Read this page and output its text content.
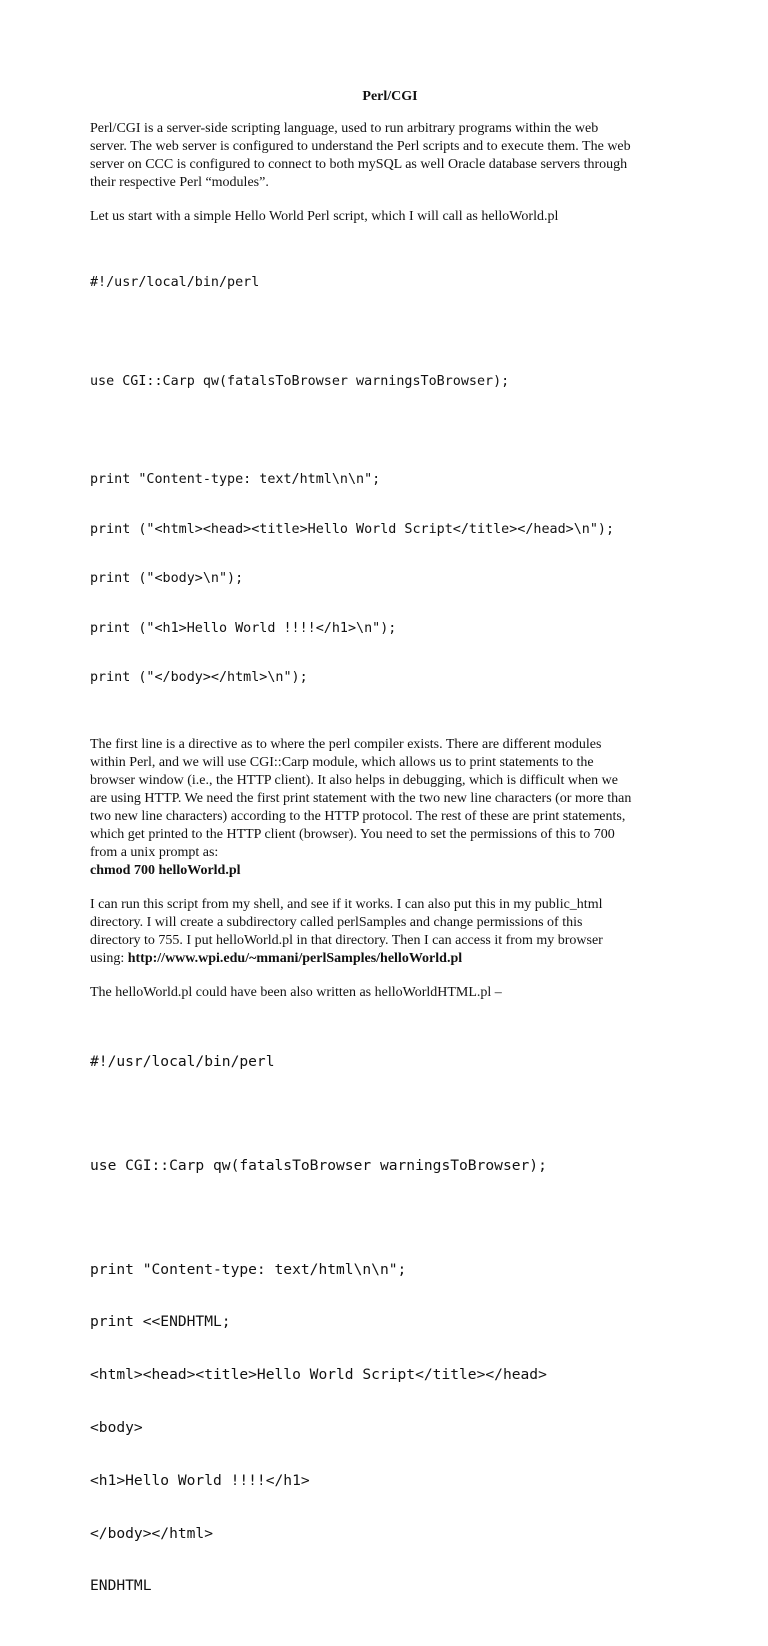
Perl/CGI
Perl/CGI is a server-side scripting language, used to run arbitrary programs within the web
server. The web server is configured to understand the Perl scripts and to execute them. The web
server on CCC is configured to connect to both mySQL as well Oracle database servers through
their respective Perl “modules”.
Let us start with a simple Hello World Perl script, which I will call as helloWorld.pl

#!/usr/local/bin/perl

use CGI::Carp qw(fatalsToBrowser warningsToBrowser);

print "Content-type: text/html\n\n";

print ("<html><head><title>Hello World Script</title></head>\n");

print ("<body>\n");

print ("<h1>Hello World !!!!</h1>\n");

print ("</body></html>\n");

The first line is a directive as to where the perl compiler exists. There are different modules
within Perl, and we will use CGI::Carp module, which allows us to print statements to the
browser window (i.e., the HTTP client). It also helps in debugging, which is difficult when we
are using HTTP. We need the first print statement with the two new line characters (or more than
two new line characters) according to the HTTP protocol. The rest of these are print statements,
which get printed to the HTTP client (browser). You need to set the permissions of this to 700
from a unix prompt as:
chmod 700 helloWorld.pl
I can run this script from my shell, and see if it works. I can also put this in my public_html
directory. I will create a subdirectory called perlSamples and change permissions of this
directory to 755. I put helloWorld.pl in that directory. Then I can access it from my browser
using: http://www.wpi.edu/~mmani/perlSamples/helloWorld.pl
The helloWorld.pl could have been also written as helloWorldHTML.pl –

#!/usr/local/bin/perl

use CGI::Carp qw(fatalsToBrowser warningsToBrowser);

print "Content-type: text/html\n\n";

print <<ENDHTML;

<html><head><title>Hello World Script</title></head>

<body>

<h1>Hello World !!!!</h1>

</body></html>

ENDHTML
